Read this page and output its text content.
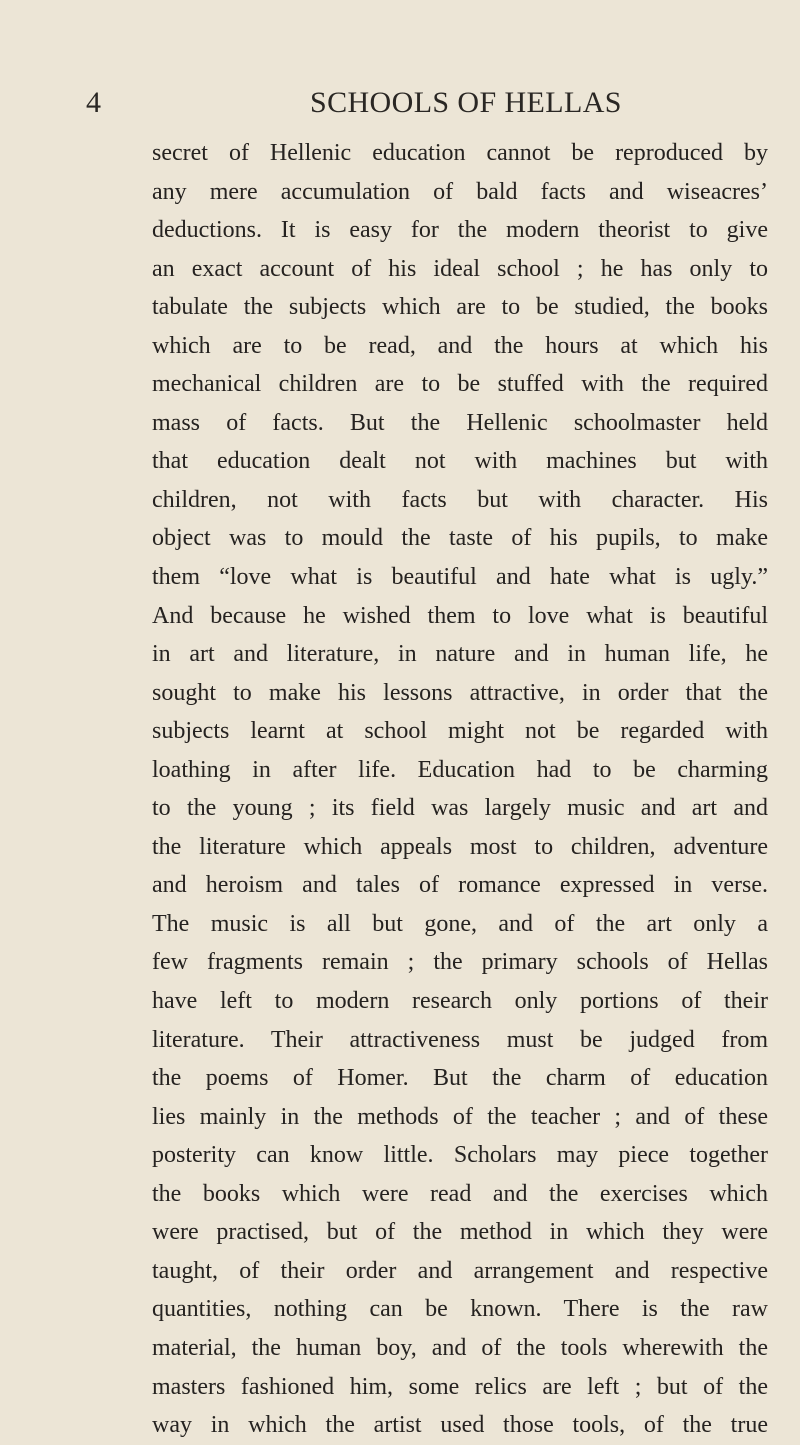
4	SCHOOLS OF HELLAS
secret of Hellenic education cannot be reproduced by
any mere accumulation of bald facts and wiseacres’
deductions. It is easy for the modern theorist to give
an exact account of his ideal school ; he has only to
tabulate the subjects which are to be studied, the books
which are to be read, and the hours at which his
mechanical children are to be stuffed with the required
mass of facts. But the Hellenic schoolmaster held
that education dealt not with machines but with
children, not with facts but with character. His
object was to mould the taste of his pupils, to make
them “love what is beautiful and hate what is ugly.”
And because he wished them to love what is beautiful
in art and literature, in nature and in human life, he
sought to make his lessons attractive, in order that the
subjects learnt at school might not be regarded with
loathing in after life. Education had to be charming
to the young ; its field was largely music and art and
the literature which appeals most to children, adventure
and heroism and tales of romance expressed in verse.
The music is all but gone, and of the art only a
few fragments remain ; the primary schools of Hellas
have left to modern research only portions of their
literature. Their attractiveness must be judged from
the poems of Homer. But the charm of education
lies mainly in the methods of the teacher ; and of these
posterity can know little. Scholars may piece together
the books which were read and the exercises which
were practised, but of the method in which they were
taught, of their order and arrangement and respective
quantities, nothing can be known. There is the raw
material, the human boy, and of the tools wherewith the
masters fashioned him, some relics are left ; but of the
way in which the artist used those tools, of the true
